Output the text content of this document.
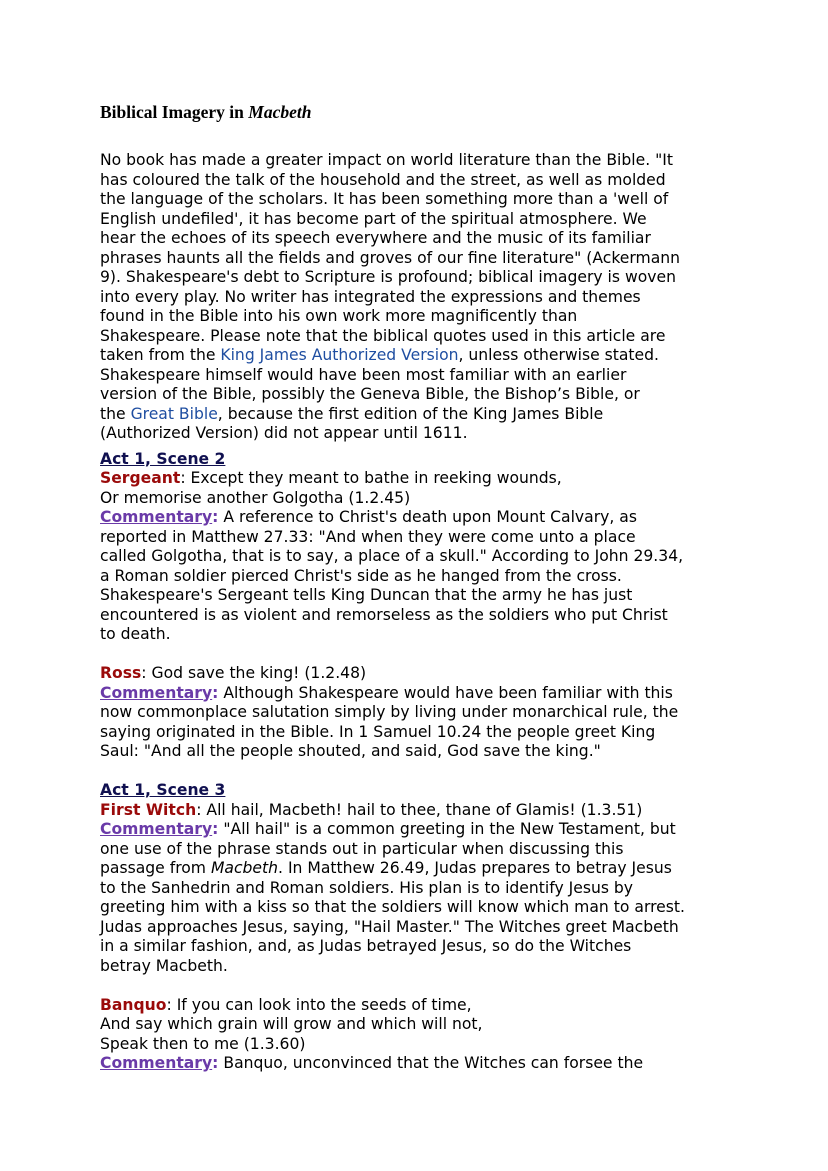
Biblical Imagery in Macbeth
No book has made a greater impact on world literature than the Bible. "It
has coloured the talk of the household and the street, as well as molded
the language of the scholars. It has been something more than a 'well of
English undefiled', it has become part of the spiritual atmosphere. We
hear the echoes of its speech everywhere and the music of its familiar
phrases haunts all the fields and groves of our fine literature" (Ackermann
9). Shakespeare's debt to Scripture is profound; biblical imagery is woven
into every play. No writer has integrated the expressions and themes
found in the Bible into his own work more magnificently than
Shakespeare. Please note that the biblical quotes used in this article are
taken from the King James Authorized Version, unless otherwise stated.
Shakespeare himself would have been most familiar with an earlier
version of the Bible, possibly the Geneva Bible, the Bishop’s Bible, or
the Great Bible, because the first edition of the King James Bible
(Authorized Version) did not appear until 1611.
Act 1, Scene 2
Sergeant: Except they meant to bathe in reeking wounds,
Or memorise another Golgotha (1.2.45)
Commentary: A reference to Christ's death upon Mount Calvary, as
reported in Matthew 27.33: "And when they were come unto a place
called Golgotha, that is to say, a place of a skull." According to John 29.34,
a Roman soldier pierced Christ's side as he hanged from the cross.
Shakespeare's Sergeant tells King Duncan that the army he has just
encountered is as violent and remorseless as the soldiers who put Christ
to death.
Ross: God save the king! (1.2.48)
Commentary: Although Shakespeare would have been familiar with this
now commonplace salutation simply by living under monarchical rule, the
saying originated in the Bible. In 1 Samuel 10.24 the people greet King
Saul: "And all the people shouted, and said, God save the king."
Act 1, Scene 3
First Witch: All hail, Macbeth! hail to thee, thane of Glamis! (1.3.51)
Commentary: "All hail" is a common greeting in the New Testament, but
one use of the phrase stands out in particular when discussing this
passage from Macbeth. In Matthew 26.49, Judas prepares to betray Jesus
to the Sanhedrin and Roman soldiers. His plan is to identify Jesus by
greeting him with a kiss so that the soldiers will know which man to arrest.
Judas approaches Jesus, saying, "Hail Master." The Witches greet Macbeth
in a similar fashion, and, as Judas betrayed Jesus, so do the Witches
betray Macbeth.
Banquo: If you can look into the seeds of time,
And say which grain will grow and which will not,
Speak then to me (1.3.60)
Commentary: Banquo, unconvinced that the Witches can forsee the
